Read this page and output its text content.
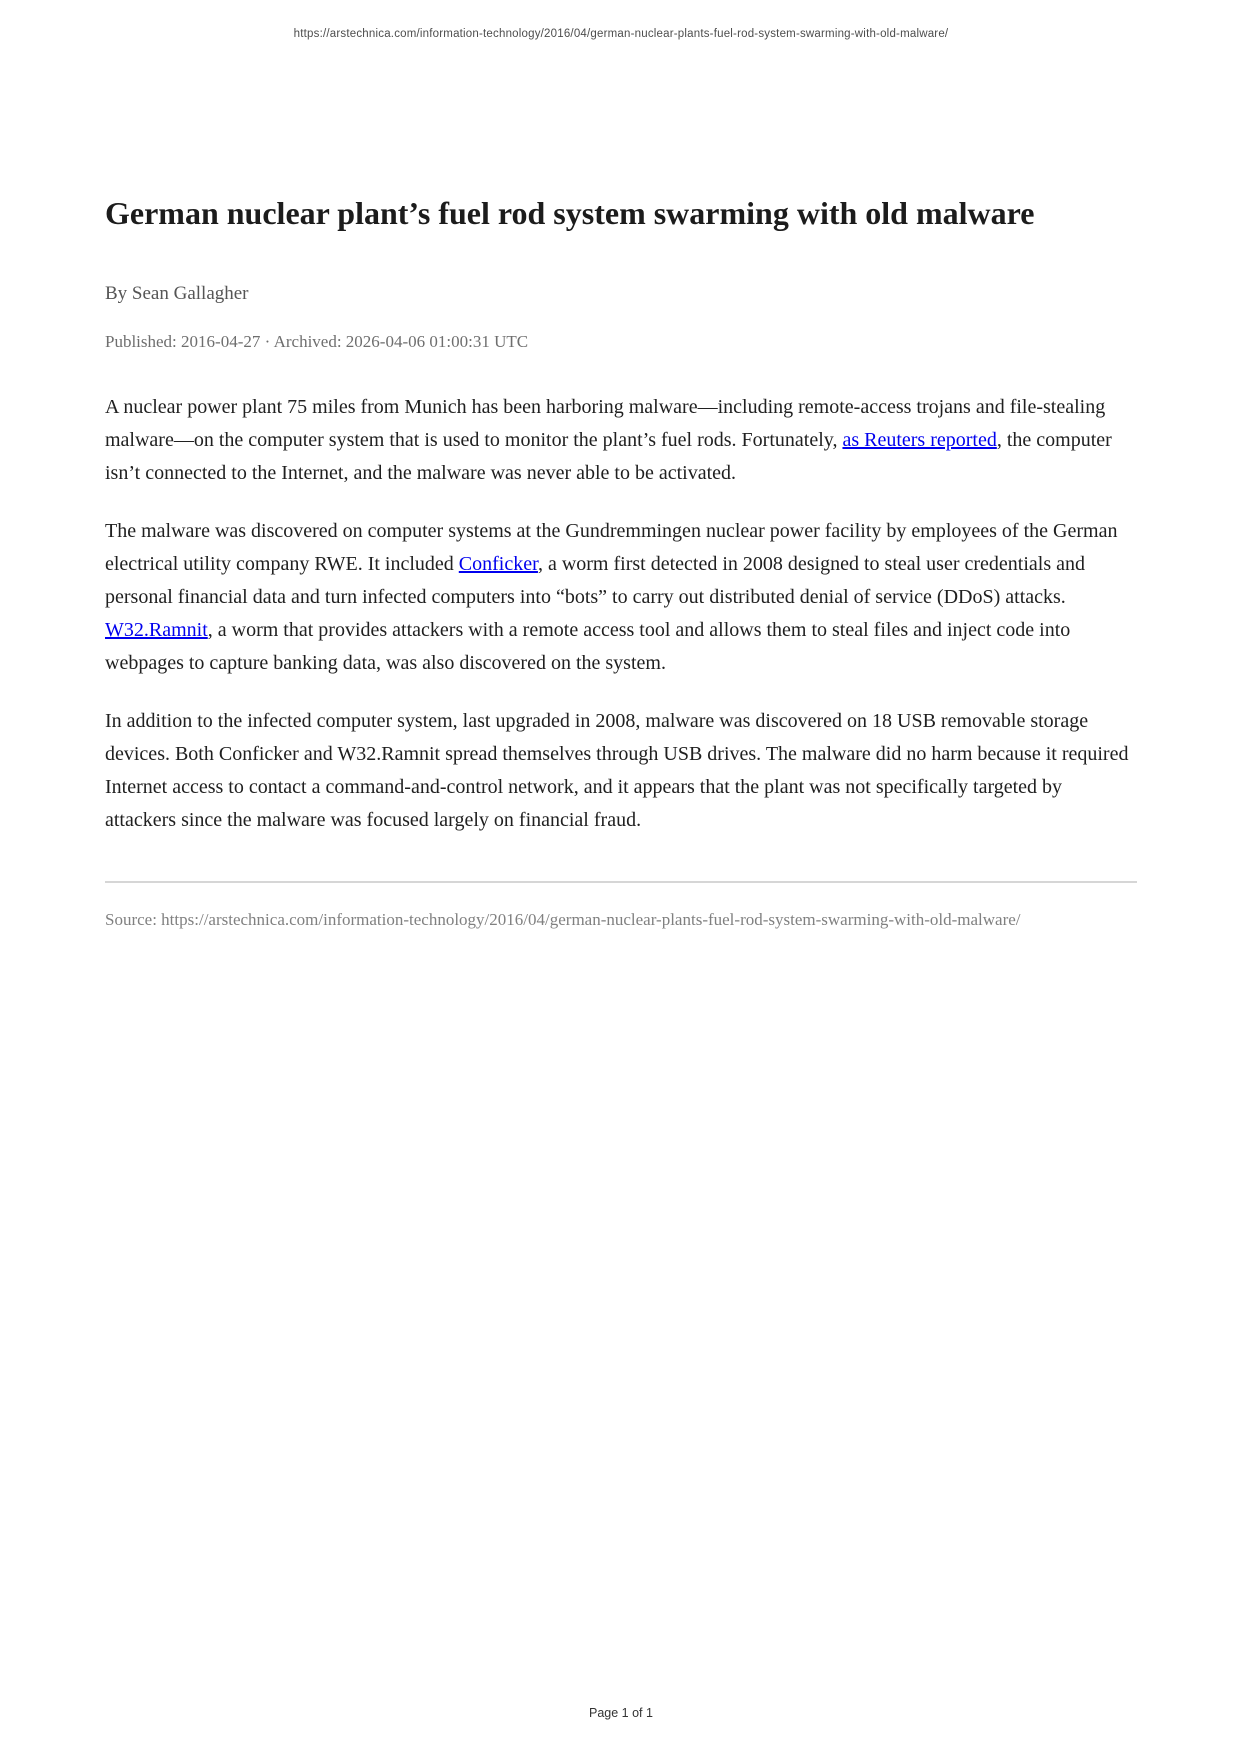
https://arstechnica.com/information-technology/2016/04/german-nuclear-plants-fuel-rod-system-swarming-with-old-malware/
German nuclear plant’s fuel rod system swarming with old malware
By Sean Gallagher
Published: 2016-04-27 · Archived: 2026-04-06 01:00:31 UTC

A nuclear power plant 75 miles from Munich has been harboring malware—including remote-access trojans and file-stealing malware—on the computer system that is used to monitor the plant’s fuel rods. Fortunately, as Reuters reported, the computer isn’t connected to the Internet, and the malware was never able to be activated.

The malware was discovered on computer systems at the Gundremmingen nuclear power facility by employees of the German electrical utility company RWE. It included Conficker, a worm first detected in 2008 designed to steal user credentials and personal financial data and turn infected computers into “bots” to carry out distributed denial of service (DDoS) attacks. W32.Ramnit, a worm that provides attackers with a remote access tool and allows them to steal files and inject code into webpages to capture banking data, was also discovered on the system.

In addition to the infected computer system, last upgraded in 2008, malware was discovered on 18 USB removable storage devices. Both Conficker and W32.Ramnit spread themselves through USB drives. The malware did no harm because it required Internet access to contact a command-and-control network, and it appears that the plant was not specifically targeted by attackers since the malware was focused largely on financial fraud.

Source: https://arstechnica.com/information-technology/2016/04/german-nuclear-plants-fuel-rod-system-swarming-with-old-malware/
Page 1 of 1
